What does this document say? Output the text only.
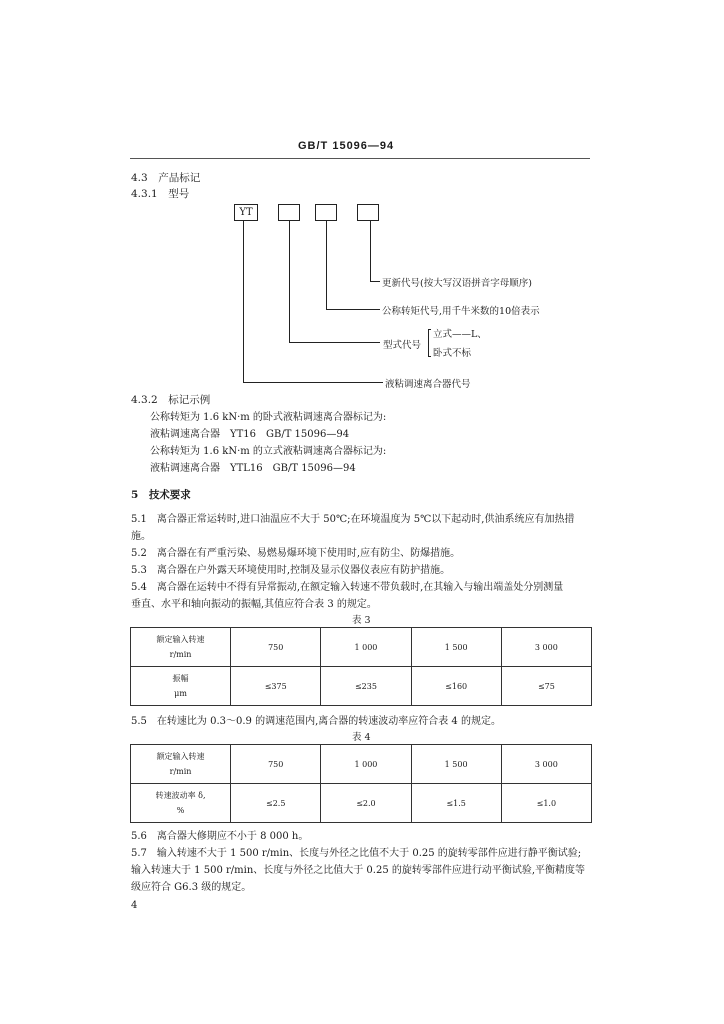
GB/T 15096—94
4.3　 产品标记
4.3.1　 型号
YT
更新代号(按大写汉语拼音字母顺序)
公称转矩代号,用千牛米数的10倍表示
型式代号
立式——L、
卧式不标
液粘调速离合器代号
4.3.2　 标记示例
公称转矩为 1.6 kN·m 的卧式液粘调速离合器标记为:
液粘调速离合器　YT16　GB/T 15096—94
公称转矩为 1.6 kN·m 的立式液粘调速离合器标记为:
液粘调速离合器　YTL16　GB/T 15096—94
5　 技术要求
5.1　离合器正常运转时,进口油温应不大于 50℃;在环境温度为 5℃以下起动时,供油系统应有加热措
施。
5.2　离合器在有严重污染、易燃易爆环境下使用时,应有防尘、防爆措施。
5.3　离合器在户外露天环境使用时,控制及显示仪器仪表应有防护措施。
5.4　离合器在运转中不得有异常振动,在额定输入转速不带负载时,在其输入与输出端盖处分别测量
垂直、水平和轴向振动的振幅,其值应符合表 3 的规定。
表 3
额定输入转速
r/min	750	1 000	1 500	3 000

振幅
μm	≤375	≤235	≤160	≤75
5.5　在转速比为 0.3～0.9 的调速范围内,离合器的转速波动率应符合表 4 的规定。
表 4
额定输入转速
r/min	750	1 000	1 500	3 000

转速波动率 δ,
%	≤2.5	≤2.0	≤1.5	≤1.0
5.6　离合器大修期应不小于 8 000 h。
5.7　输入转速不大于 1 500 r/min、长度与外径之比值不大于 0.25 的旋转零部件应进行静平衡试验;
输入转速大于 1 500 r/min、长度与外径之比值大于 0.25 的旋转零部件应进行动平衡试验,平衡精度等
级应符合 G6.3 级的规定。
4
